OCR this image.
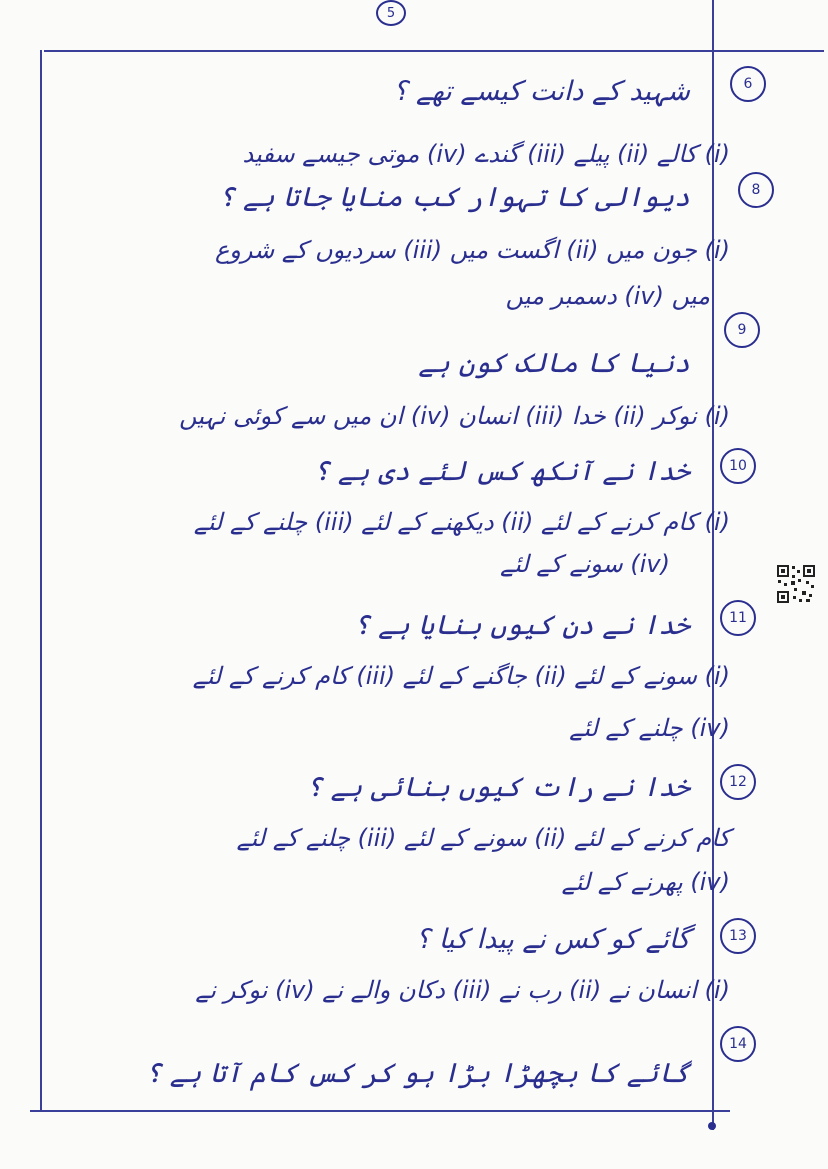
5
6
شہید کے دانت کیسے تھے ؟
(i) کالے (ii) پیلے (iii) گندے (iv) موتی جیسے سفید
8
دیوالی کا تہوار کب منایا جاتا ہے ؟
(i) جون میں (ii) اگست میں (iii) سردیوں کے شروع
میں (iv) دسمبر میں
9
دنیا کا مالک کون ہے
(i) نوکر (ii) خدا (iii) انسان (iv) ان میں سے کوئی نہیں
10
خدا نے آنکھ کس لئے دی ہے ؟
(i) کام کرنے کے لئے (ii) دیکھنے کے لئے (iii) چلنے کے لئے
(iv) سونے کے لئے
11
خدا نے دن کیوں بنایا ہے ؟
(i) سونے کے لئے (ii) جاگنے کے لئے (iii) کام کرنے کے لئے
(iv) چلنے کے لئے
12
خدا نے رات کیوں بنائی ہے ؟
کام کرنے کے لئے (ii) سونے کے لئے (iii) چلنے کے لئے
(iv) پھرنے کے لئے
13
گائے کو کس نے پیدا کیا ؟
(i) انسان نے (ii) رب نے (iii) دکان والے نے (iv) نوکر نے
14
گائے کا بچھڑا بڑا ہو کر کس کام آتا ہے ؟
